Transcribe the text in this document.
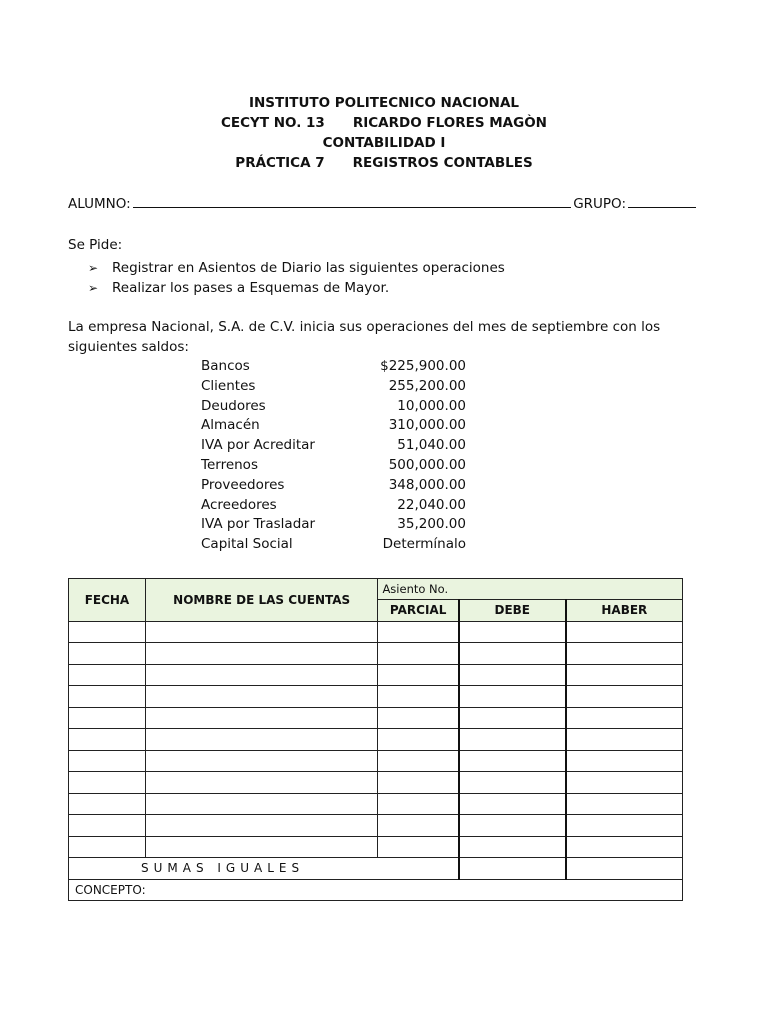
INSTITUTO POLITECNICO NACIONAL
CECYT NO. 13 RICARDO FLORES MAGÒN
CONTABILIDAD I
PRÁCTICA 7 REGISTROS CONTABLES
ALUMNO:	GRUPO:
Se Pide:
➢ Registrar en Asientos de Diario las siguientes operaciones
➢ Realizar los pases a Esquemas de Mayor.
La empresa Nacional, S.A. de C.V. inicia sus operaciones del mes de septiembre con los siguientes saldos:
Bancos	$225,900.00
Clientes	255,200.00
Deudores	10,000.00
Almacén	310,000.00
IVA por Acreditar	51,040.00
Terrenos	500,000.00
Proveedores	348,000.00
Acreedores	22,040.00
IVA por Trasladar	35,200.00
Capital Social	Determínalo
FECHA	NOMBRE DE LAS CUENTAS	Asiento No.		
		PARCIAL	DEBE	HABER

SUMAS IGUALES				
CONCEPTO:				
